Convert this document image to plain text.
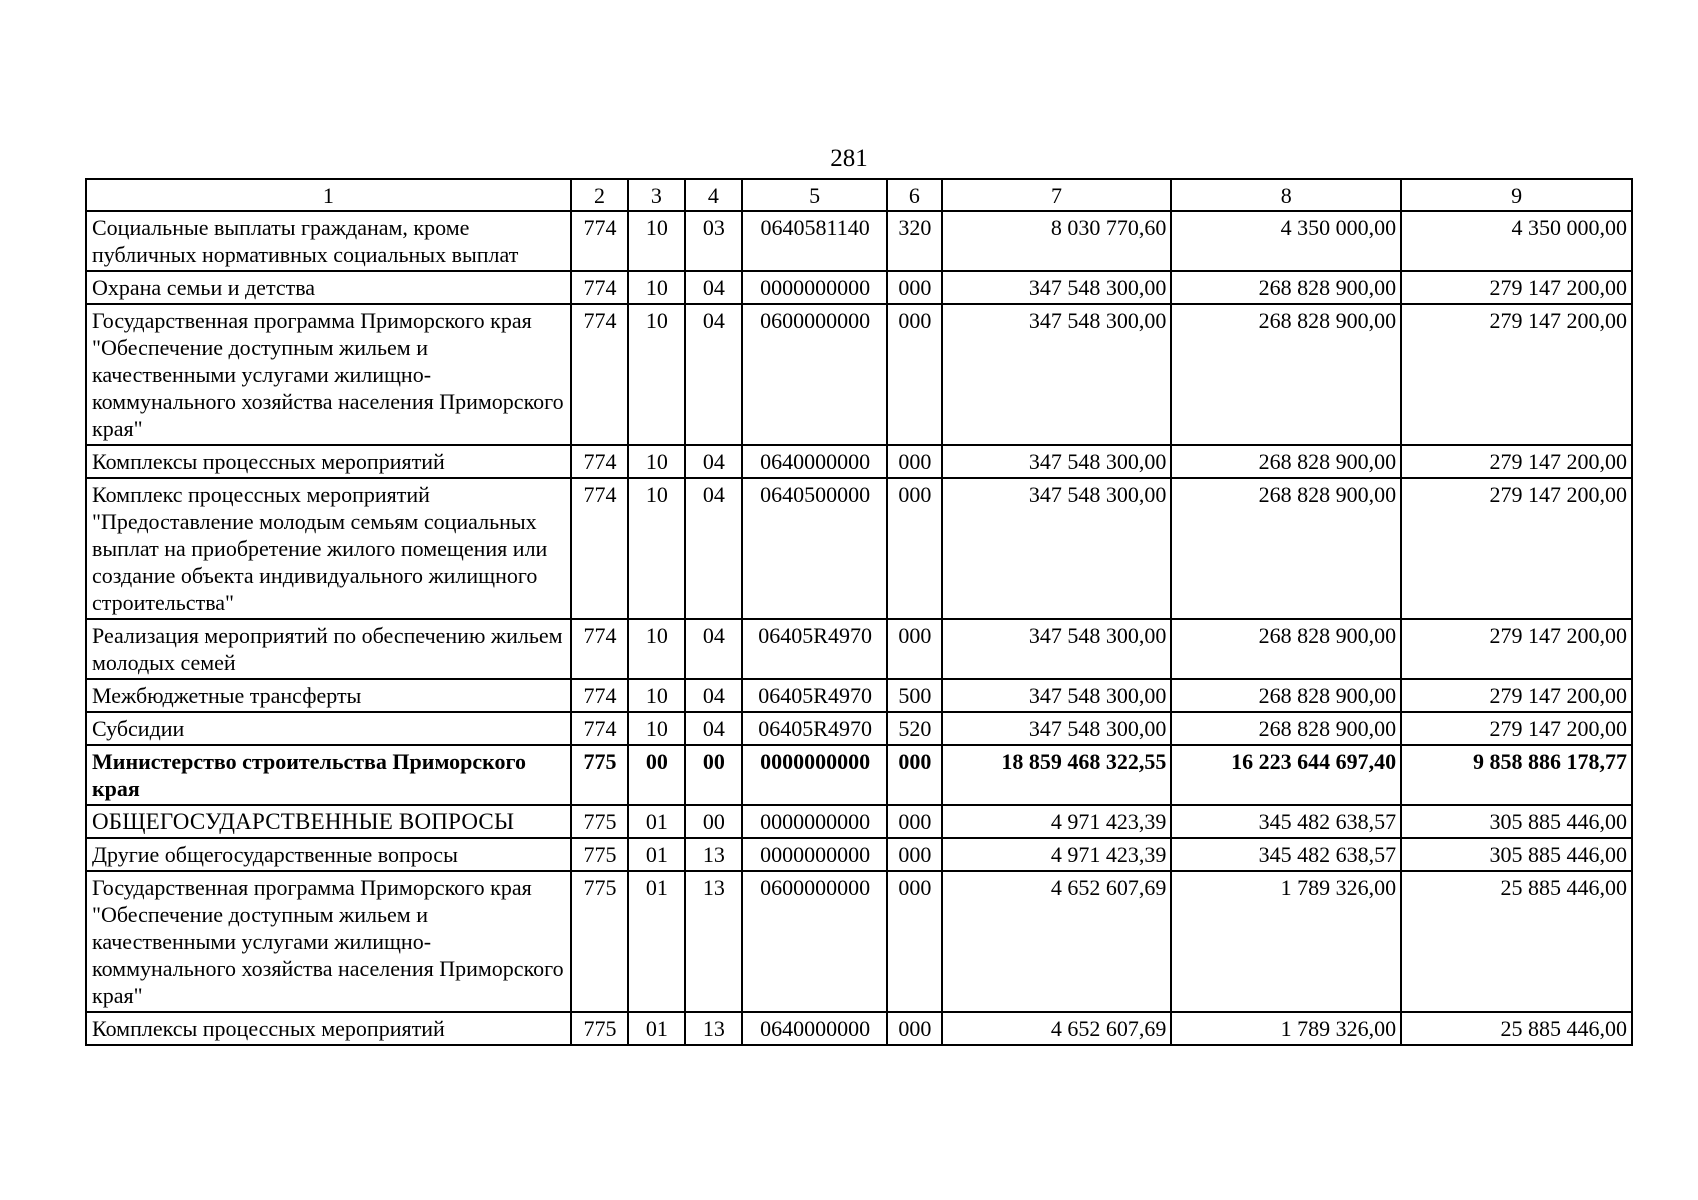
281
1	2	3	4	5	6	7	8	9
Социальные выплаты гражданам, кроме публичных нормативных социальных выплат	774	10	03	0640581140	320	8 030 770,60	4 350 000,00	4 350 000,00
Охрана семьи и детства	774	10	04	0000000000	000	347 548 300,00	268 828 900,00	279 147 200,00
Государственная программа Приморского края "Обеспечение доступным жильем и качественными услугами жилищно-коммунального хозяйства населения Приморского края"	774	10	04	0600000000	000	347 548 300,00	268 828 900,00	279 147 200,00
Комплексы процессных мероприятий	774	10	04	0640000000	000	347 548 300,00	268 828 900,00	279 147 200,00
Комплекс процессных мероприятий "Предоставление молодым семьям социальных выплат на приобретение жилого помещения или создание объекта индивидуального жилищного строительства"	774	10	04	0640500000	000	347 548 300,00	268 828 900,00	279 147 200,00
Реализация мероприятий по обеспечению жильем молодых семей	774	10	04	06405R4970	000	347 548 300,00	268 828 900,00	279 147 200,00
Межбюджетные трансферты	774	10	04	06405R4970	500	347 548 300,00	268 828 900,00	279 147 200,00
Субсидии	774	10	04	06405R4970	520	347 548 300,00	268 828 900,00	279 147 200,00
Министерство строительства Приморского края	775	00	00	0000000000	000	18 859 468 322,55	16 223 644 697,40	9 858 886 178,77
ОБЩЕГОСУДАРСТВЕННЫЕ ВОПРОСЫ	775	01	00	0000000000	000	4 971 423,39	345 482 638,57	305 885 446,00
Другие общегосударственные вопросы	775	01	13	0000000000	000	4 971 423,39	345 482 638,57	305 885 446,00
Государственная программа Приморского края "Обеспечение доступным жильем и качественными услугами жилищно-коммунального хозяйства населения Приморского края"	775	01	13	0600000000	000	4 652 607,69	1 789 326,00	25 885 446,00
Комплексы процессных мероприятий	775	01	13	0640000000	000	4 652 607,69	1 789 326,00	25 885 446,00
